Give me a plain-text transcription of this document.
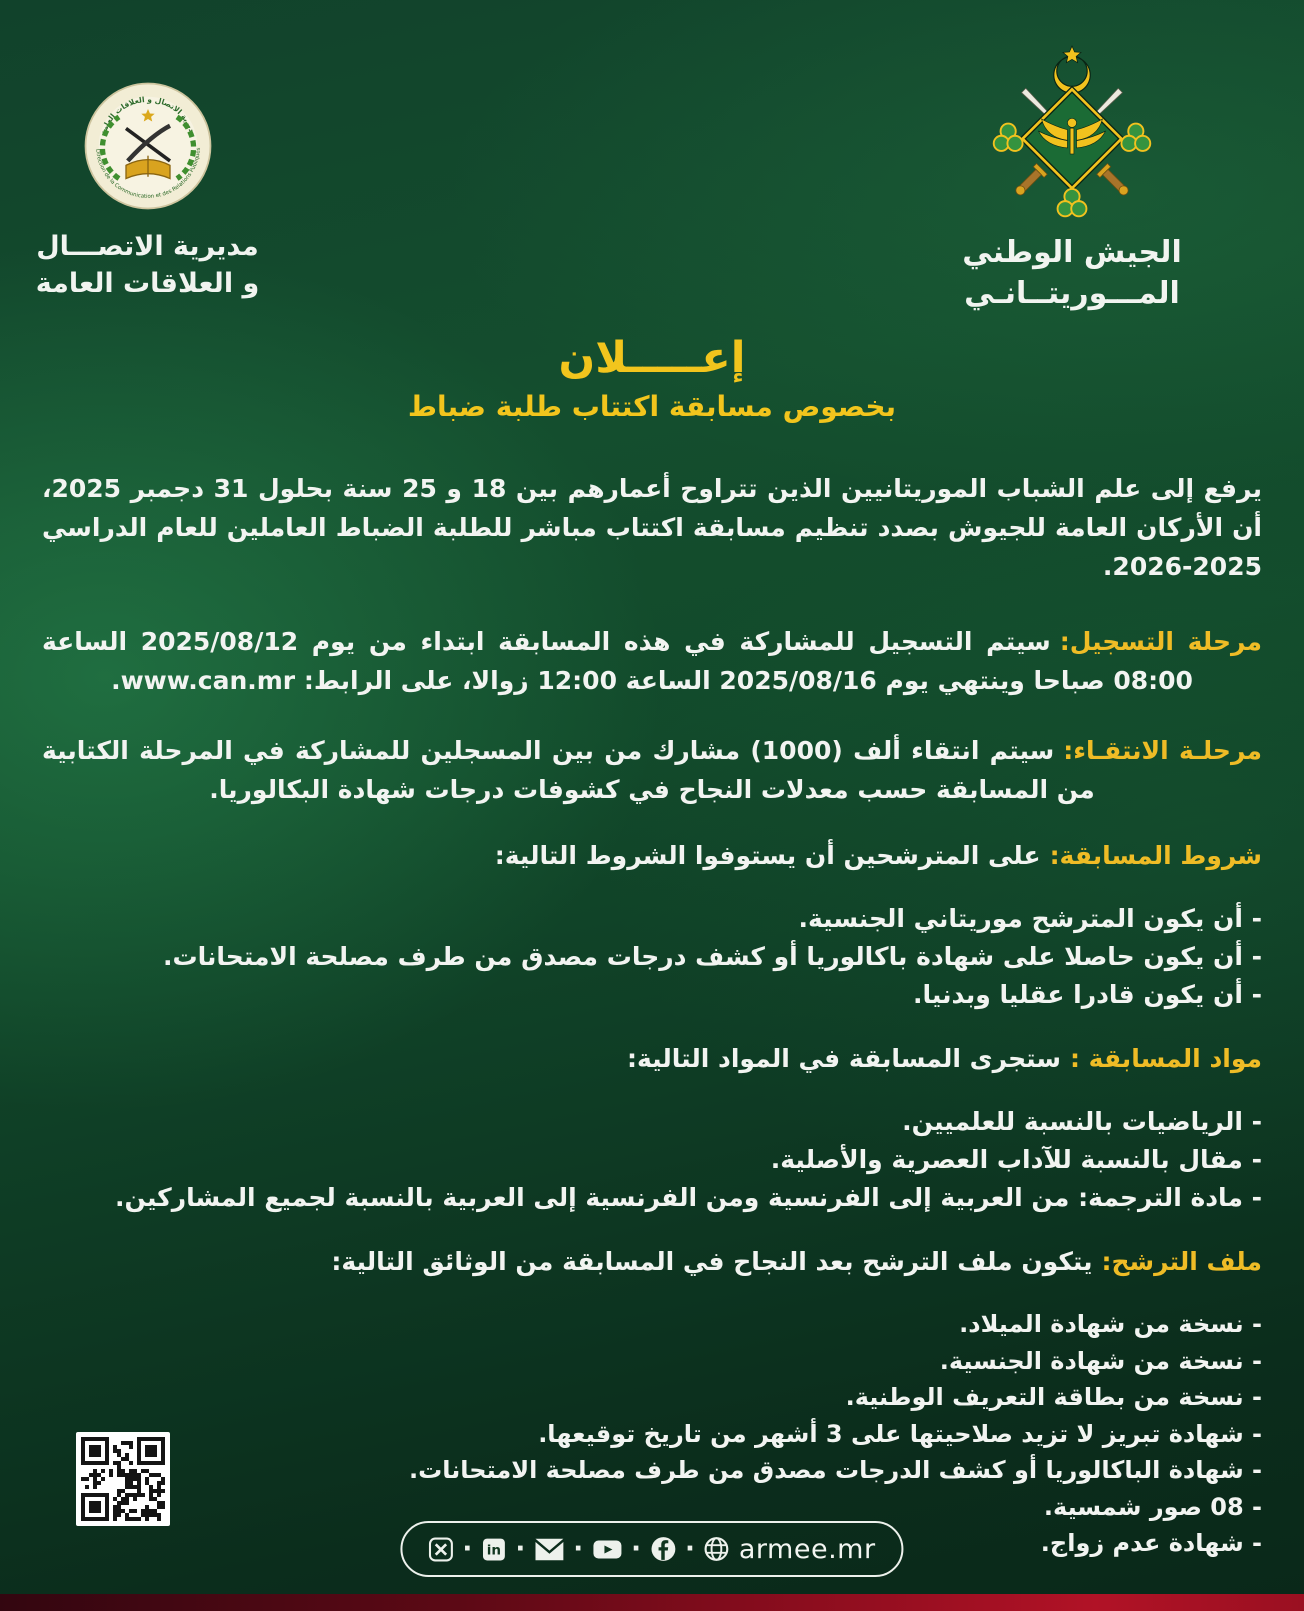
مديرية الاتصال و العلاقات العامة
Direction de la Communication et des Relations Publiques
مديرية الاتصـــال
و العلاقات العامة
الجيش الوطني
المـــوريتــانـي
إعـــــلان
بخصوص مسابقة اكتتاب طلبة ضباط

يرفع إلى علم الشباب الموريتانيين الذين تتراوح أعمارهم بين 18 و 25 سنة بحلول 31 دجمبر 2025، أن الأركان العامة للجيوش بصدد تنظيم مسابقة اكتتاب مباشر للطلبة الضباط العاملين للعام الدراسي 2025-2026.

مرحلة التسجيل:سيتم التسجيل للمشاركة في هذه المسابقة ابتداء من يوم 2025/08/12 الساعة 08:00 صباحا وينتهي يوم 2025/08/16 الساعة 12:00 زوالا، على الرابط: www.can.mr.

مرحلـة الانتقـاء:سيتم انتقاء ألف (1000) مشارك من بين المسجلين للمشاركة في المرحلة الكتابية من المسابقة حسب معدلات النجاح في كشوفات درجات شهادة البكالوريا.

شروط المسابقة:على المترشحين أن يستوفوا الشروط التالية:

- أن يكون المترشح موريتاني الجنسية.
- أن يكون حاصلا على شهادة باكالوريا أو كشف درجات مصدق من طرف مصلحة الامتحانات.
- أن يكون قادرا عقليا وبدنيا.

مواد المسابقة :ستجرى المسابقة في المواد التالية:

- الرياضيات بالنسبة للعلميين.
- مقال بالنسبة للآداب العصرية والأصلية.
- مادة الترجمة: من العربية إلى الفرنسية ومن الفرنسية إلى العربية بالنسبة لجميع المشاركين.

ملف الترشح:يتكون ملف الترشح بعد النجاح في المسابقة من الوثائق التالية:

- نسخة من شهادة الميلاد.
- نسخة من شهادة الجنسية.
- نسخة من بطاقة التعريف الوطنية.
- شهادة تبريز لا تزيد صلاحيتها على 3 أشهر من تاريخ توقيعها.
- شهادة الباكالوريا أو كشف الدرجات مصدق من طرف مصلحة الامتحانات.
- 08 صور شمسية.
- شهادة عدم زواج.
· in · · · · armee.mr
